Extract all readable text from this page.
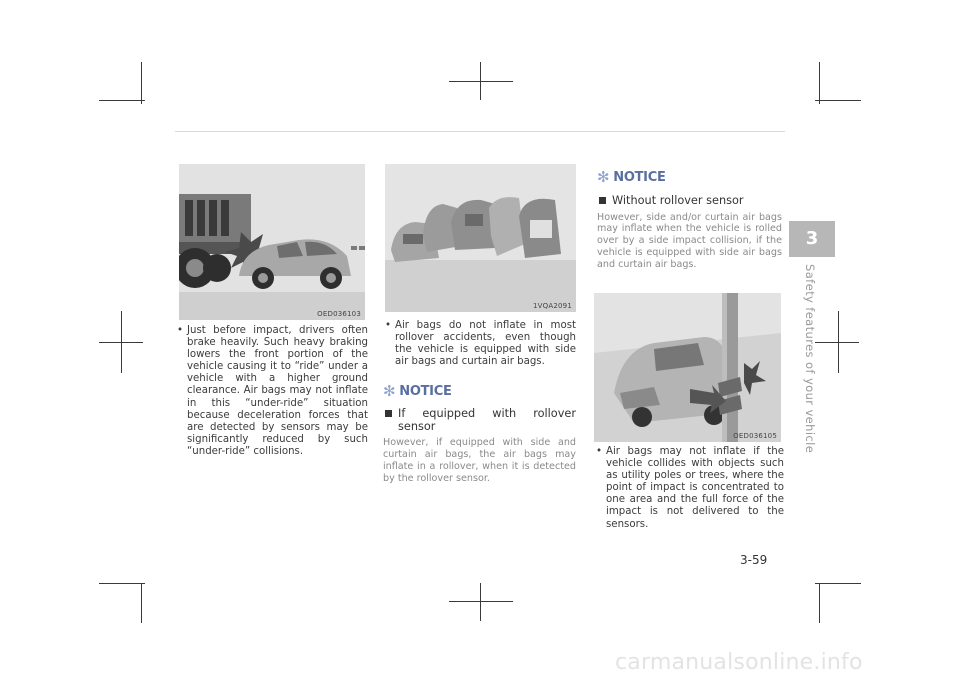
OED036103
1VQA2091
OED036105
• Just before impact, drivers often brake heavily. Such heavy braking lowers the front portion of the vehicle causing it to “ride” under a vehicle with a higher ground clearance. Air bags may not inflate in this “under-ride” situation because deceleration forces that are detected by sensors may be significantly reduced by such “under-ride” collisions.
• Air bags do not inflate in most rollover accidents, even though the vehicle is equipped with side air bags and curtain air bags.
✻ NOTICE
If equipped with rollover sensor
However, if equipped with side and curtain air bags, the air bags may inflate in a rollover, when it is detected by the rollover sensor.
✻ NOTICE
Without rollover sensor
However, side and/or curtain air bags may inflate when the vehicle is rolled over by a side impact collision, if the vehicle is equipped with side air bags and curtain air bags.
• Air bags may not inflate if the vehicle collides with objects such as utility poles or trees, where the point of impact is concentrated to one area and the full force of the impact is not delivered to the sensors.
3
Safety features of your vehicle
3-59
carmanualsonline.info
